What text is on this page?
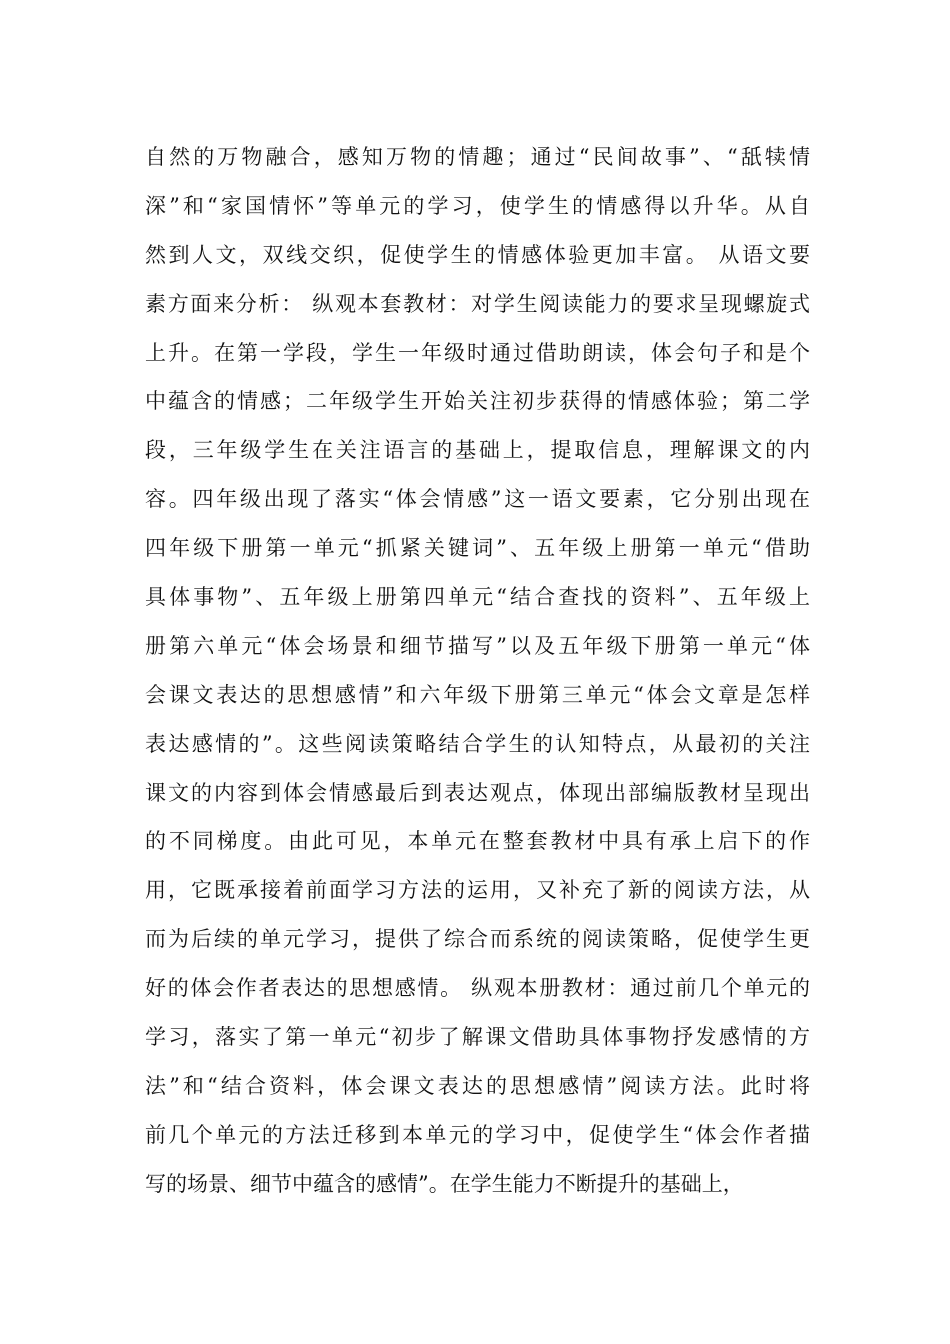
自然的万物融合，感知万物的情趣；通过“民间故事”、“舐犊情
深”和“家国情怀”等单元的学习，使学生的情感得以升华。从自
然到人文，双线交织，促使学生的情感体验更加丰富。 从语文要
素方面来分析： 纵观本套教材：对学生阅读能力的要求呈现螺旋式
上升。在第一学段，学生一年级时通过借助朗读，体会句子和是个
中蕴含的情感；二年级学生开始关注初步获得的情感体验；第二学
段，三年级学生在关注语言的基础上，提取信息，理解课文的内
容。四年级出现了落实“体会情感”这一语文要素，它分别出现在
四年级下册第一单元“抓紧关键词”、五年级上册第一单元“借助
具体事物”、五年级上册第四单元“结合查找的资料”、五年级上
册第六单元“体会场景和细节描写”以及五年级下册第一单元“体
会课文表达的思想感情”和六年级下册第三单元“体会文章是怎样
表达感情的”。这些阅读策略结合学生的认知特点，从最初的关注
课文的内容到体会情感最后到表达观点，体现出部编版教材呈现出
的不同梯度。由此可见，本单元在整套教材中具有承上启下的作
用，它既承接着前面学习方法的运用，又补充了新的阅读方法，从
而为后续的单元学习，提供了综合而系统的阅读策略，促使学生更
好的体会作者表达的思想感情。 纵观本册教材：通过前几个单元的
学习，落实了第一单元“初步了解课文借助具体事物抒发感情的方
法”和“结合资料，体会课文表达的思想感情”阅读方法。此时将
前几个单元的方法迁移到本单元的学习中，促使学生“体会作者描
写的场景、细节中蕴含的感情”。在学生能力不断提升的基础上，
